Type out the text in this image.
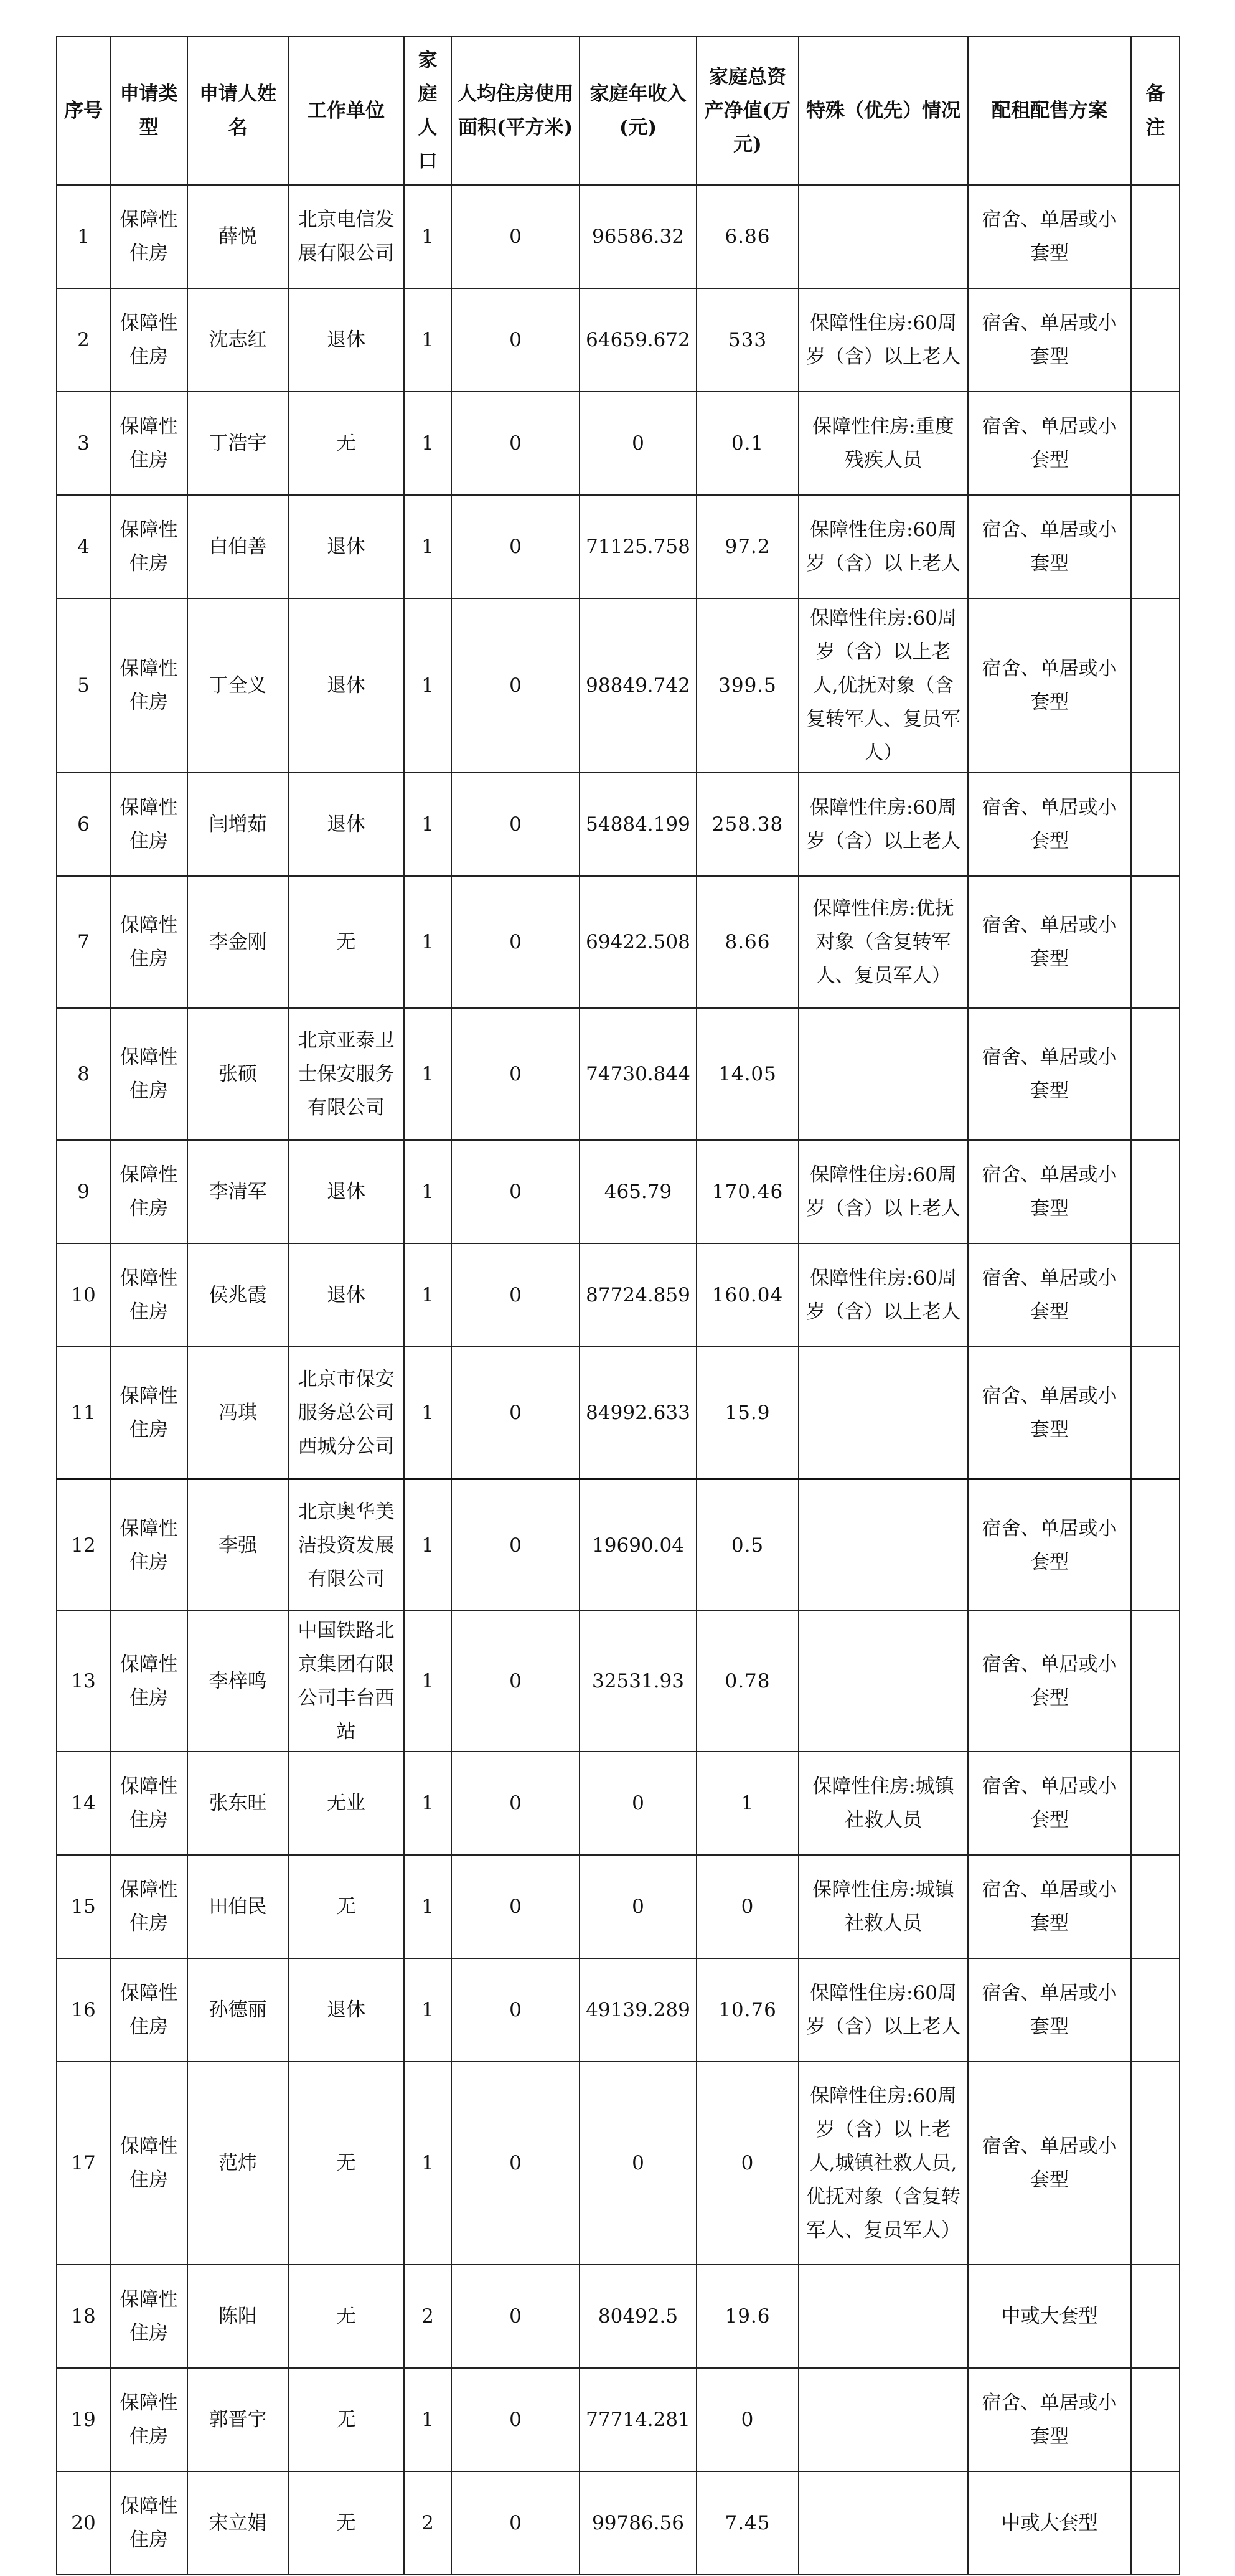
序号	申请类型	申请人姓名	工作单位	家庭人口	人均住房使用面积(平方米)	家庭年收入(元)	家庭总资产净值(万元)	特殊（优先）情况	配租配售方案	备注
1	保障性住房	薛悦	北京电信发展有限公司	1	0	96586.32	6.86		宿舍、单居或小套型	
2	保障性住房	沈志红	退休	1	0	64659.672	533	保障性住房:60周岁（含）以上老人	宿舍、单居或小套型	
3	保障性住房	丁浩宇	无	1	0	0	0.1	保障性住房:重度残疾人员	宿舍、单居或小套型	
4	保障性住房	白伯善	退休	1	0	71125.758	97.2	保障性住房:60周岁（含）以上老人	宿舍、单居或小套型	
5	保障性住房	丁全义	退休	1	0	98849.742	399.5	保障性住房:60周岁（含）以上老人,优抚对象（含复转军人、复员军人）	宿舍、单居或小套型	
6	保障性住房	闫增茹	退休	1	0	54884.199	258.38	保障性住房:60周岁（含）以上老人	宿舍、单居或小套型	
7	保障性住房	李金刚	无	1	0	69422.508	8.66	保障性住房:优抚对象（含复转军人、复员军人）	宿舍、单居或小套型	
8	保障性住房	张硕	北京亚泰卫士保安服务有限公司	1	0	74730.844	14.05		宿舍、单居或小套型	
9	保障性住房	李清军	退休	1	0	465.79	170.46	保障性住房:60周岁（含）以上老人	宿舍、单居或小套型	
10	保障性住房	侯兆霞	退休	1	0	87724.859	160.04	保障性住房:60周岁（含）以上老人	宿舍、单居或小套型	
11	保障性住房	冯琪	北京市保安服务总公司西城分公司	1	0	84992.633	15.9		宿舍、单居或小套型	
12	保障性住房	李强	北京奥华美洁投资发展有限公司	1	0	19690.04	0.5		宿舍、单居或小套型	
13	保障性住房	李梓鸣	中国铁路北京集团有限公司丰台西站	1	0	32531.93	0.78		宿舍、单居或小套型	
14	保障性住房	张东旺	无业	1	0	0	1	保障性住房:城镇社救人员	宿舍、单居或小套型	
15	保障性住房	田伯民	无	1	0	0	0	保障性住房:城镇社救人员	宿舍、单居或小套型	
16	保障性住房	孙德丽	退休	1	0	49139.289	10.76	保障性住房:60周岁（含）以上老人	宿舍、单居或小套型	
17	保障性住房	范炜	无	1	0	0	0	保障性住房:60周岁（含）以上老人,城镇社救人员,优抚对象（含复转军人、复员军人）	宿舍、单居或小套型	
18	保障性住房	陈阳	无	2	0	80492.5	19.6		中或大套型	
19	保障性住房	郭晋宇	无	1	0	77714.281	0		宿舍、单居或小套型	
20	保障性住房	宋立娟	无	2	0	99786.56	7.45		中或大套型	
